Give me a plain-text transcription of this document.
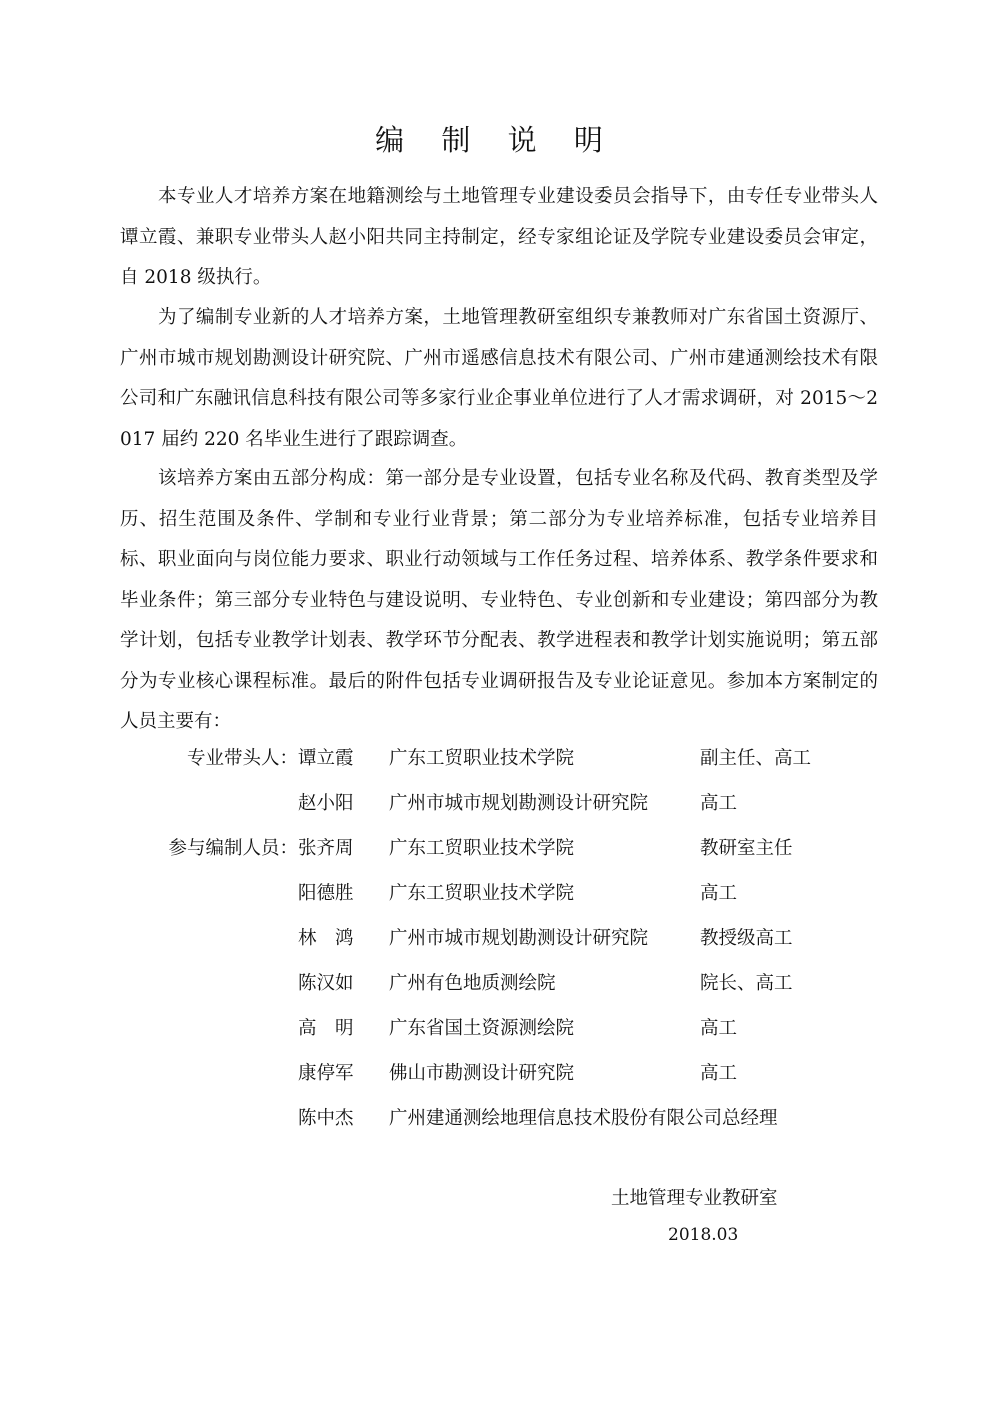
编 制 说 明

本专业人才培养方案在地籍测绘与土地管理专业建设委员会指导下，由专任专业带头人谭立霞、兼职专业带头人赵小阳共同主持制定，经专家组论证及学院专业建设委员会审定，自 2018 级执行。

为了编制专业新的人才培养方案，土地管理教研室组织专兼教师对广东省国土资源厅、广州市城市规划勘测设计研究院、广州市遥感信息技术有限公司、广州市建通测绘技术有限公司和广东融讯信息科技有限公司等多家行业企事业单位进行了人才需求调研，对 2015～2017 届约 220 名毕业生进行了跟踪调查。

该培养方案由五部分构成：第一部分是专业设置，包括专业名称及代码、教育类型及学历、招生范围及条件、学制和专业行业背景；第二部分为专业培养标准，包括专业培养目标、职业面向与岗位能力要求、职业行动领域与工作任务过程、培养体系、教学条件要求和毕业条件；第三部分专业特色与建设说明、专业特色、专业创新和专业建设；第四部分为教学计划，包括专业教学计划表、教学环节分配表、教学进程表和教学计划实施说明；第五部分为专业核心课程标准。最后的附件包括专业调研报告及专业论证意见。参加本方案制定的人员主要有：

专业带头人： 谭立霞 广东工贸职业技术学院	副主任、高工
赵小阳 广州市城市规划勘测设计研究院	高工
参与编制人员： 张齐周 广东工贸职业技术学院	教研室主任
阳德胜 广东工贸职业技术学院	高工
林　鸿 广州市城市规划勘测设计研究院	教授级高工
陈汉如 广州有色地质测绘院	院长、高工
高　明 广东省国土资源测绘院	高工
康停军 佛山市勘测设计研究院	高工
陈中杰 广州建通测绘地理信息技术股份有限公司总经理
土地管理专业教研室
2018.03
